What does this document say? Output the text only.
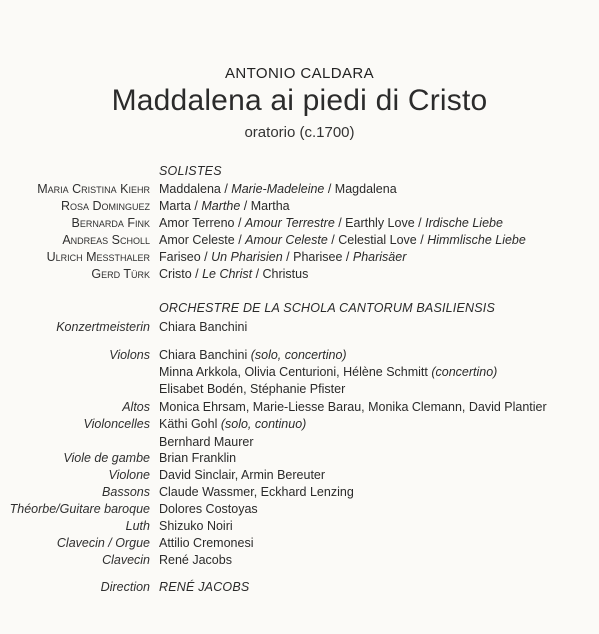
ANTONIO CALDARA
Maddalena ai piedi di Cristo
oratorio (c.1700)
SOLISTES
Maria Cristina Kiehr Maddalena / Marie-Madeleine / Magdalena
Rosa Dominguez Marta / Marthe / Martha
Bernarda Fink Amor Terreno / Amour Terrestre / Earthly Love / Irdische Liebe
Andreas Scholl Amor Celeste / Amour Celeste / Celestial Love / Himmlische Liebe
Ulrich Messthaler Fariseo / Un Pharisien / Pharisee / Pharisäer
Gerd Türk Cristo / Le Christ / Christus
ORCHESTRE DE LA SCHOLA CANTORUM BASILIENSIS
Konzertmeisterin Chiara Banchini
Violons Chiara Banchini (solo, concertino)
Minna Arkkola, Olivia Centurioni, Hélène Schmitt (concertino)
Elisabet Bodén, Stéphanie Pfister
Altos Monica Ehrsam, Marie-Liesse Barau, Monika Clemann, David Plantier
Violoncelles Käthi Gohl (solo, continuo)
Bernhard Maurer
Viole de gambe Brian Franklin
Violone David Sinclair, Armin Bereuter
Bassons Claude Wassmer, Eckhard Lenzing
Théorbe/Guitare baroque Dolores Costoyas
Luth Shizuko Noiri
Clavecin / Orgue Attilio Cremonesi
Clavecin René Jacobs
Direction RENÉ JACOBS
